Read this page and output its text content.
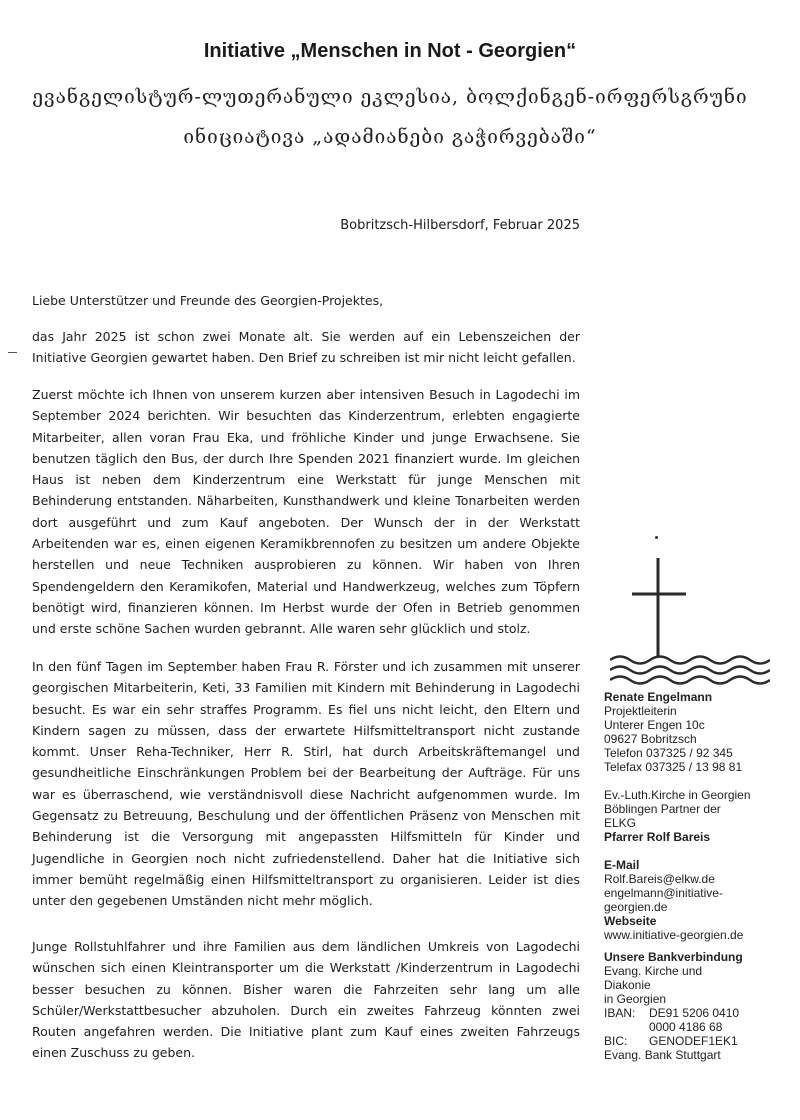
Initiative „Menschen in Not - Georgien“
ევანგელისტურ-ლუთერანული ეკლესია, ბოლქინგენ-ირფერსგრუნი
ინიციატივა „ადამიანები გაჭირვებაში“
Bobritzsch-Hilbersdorf, Februar 2025

Liebe Unterstützer und Freunde des Georgien-Projektes,

das Jahr 2025 ist schon zwei Monate alt. Sie werden auf ein Lebenszeichen der Initiative Georgien gewartet haben. Den Brief zu schreiben ist mir nicht leicht gefallen.

Zuerst möchte ich Ihnen von unserem kurzen aber intensiven Besuch in Lagodechi im September 2024 berichten. Wir besuchten das Kinderzentrum, erlebten engagierte Mitarbeiter, allen voran Frau Eka, und fröhliche Kinder und junge Erwachsene. Sie benutzen täglich den Bus, der durch Ihre Spenden 2021 finanziert wurde. Im gleichen Haus ist neben dem Kinderzentrum eine Werkstatt für junge Menschen mit Behinderung entstanden. Näharbeiten, Kunsthandwerk und kleine Tonarbeiten werden dort ausgeführt und zum Kauf angeboten. Der Wunsch der in der Werkstatt Arbeitenden war es, einen eigenen Keramikbrennofen zu besitzen um andere Objekte herstellen und neue Techniken ausprobieren zu können. Wir haben von Ihren Spendengeldern den Keramikofen, Material und Handwerkzeug, welches zum Töpfern benötigt wird, finanzieren können. Im Herbst wurde der Ofen in Betrieb genommen und erste schöne Sachen wurden gebrannt. Alle waren sehr glücklich und stolz.

In den fünf Tagen im September haben Frau R. Förster und ich zusammen mit unserer georgischen Mitarbeiterin, Keti, 33 Familien mit Kindern mit Behinderung in Lagodechi besucht. Es war ein sehr straffes Programm. Es fiel uns nicht leicht, den Eltern und Kindern sagen zu müssen, dass der erwartete Hilfsmitteltransport nicht zustande kommt. Unser Reha-Techniker, Herr R. Stirl, hat durch Arbeitskräftemangel und gesundheitliche Einschränkungen Problem bei der Bearbeitung der Aufträge. Für uns war es überraschend, wie verständnisvoll diese Nachricht aufgenommen wurde. Im Gegensatz zu Betreuung, Beschulung und der öffentlichen Präsenz von Menschen mit Behinderung ist die Versorgung mit angepassten Hilfsmitteln für Kinder und Jugendliche in Georgien noch nicht zufriedenstellend. Daher hat die Initiative sich immer bemüht regelmäßig einen Hilfsmitteltransport zu organisieren. Leider ist dies unter den gegebenen Umständen nicht mehr möglich.

Junge Rollstuhlfahrer und ihre Familien aus dem ländlichen Umkreis von Lagodechi wünschen sich einen Kleintransporter um die Werkstatt /Kinderzentrum in Lagodechi besser besuchen zu können. Bisher waren die Fahrzeiten sehr lang um alle Schüler/Werkstattbesucher abzuholen. Durch ein zweites Fahrzeug könnten zwei Routen angefahren werden. Die Initiative plant zum Kauf eines zweiten Fahrzeugs einen Zuschuss zu geben.

Renate Engelmann
Projektleiterin
Unterer Engen 10c
09627 Bobritzsch
Telefon 037325 / 92 345
Telefax 037325 / 13 98 81
Ev.-Luth.Kirche in Georgien
Böblingen Partner der
ELKG
Pfarrer Rolf Bareis
E-Mail
Rolf.Bareis@elkw.de
engelmann@initiative-
georgien.de
Webseite
www.initiative-georgien.de
Unsere Bankverbindung
Evang. Kirche und
Diakonie
in Georgien
IBAN:	DE91 5206 0410
0000 4186 68
BIC:	GENODEF1EK1
Evang. Bank Stuttgart
